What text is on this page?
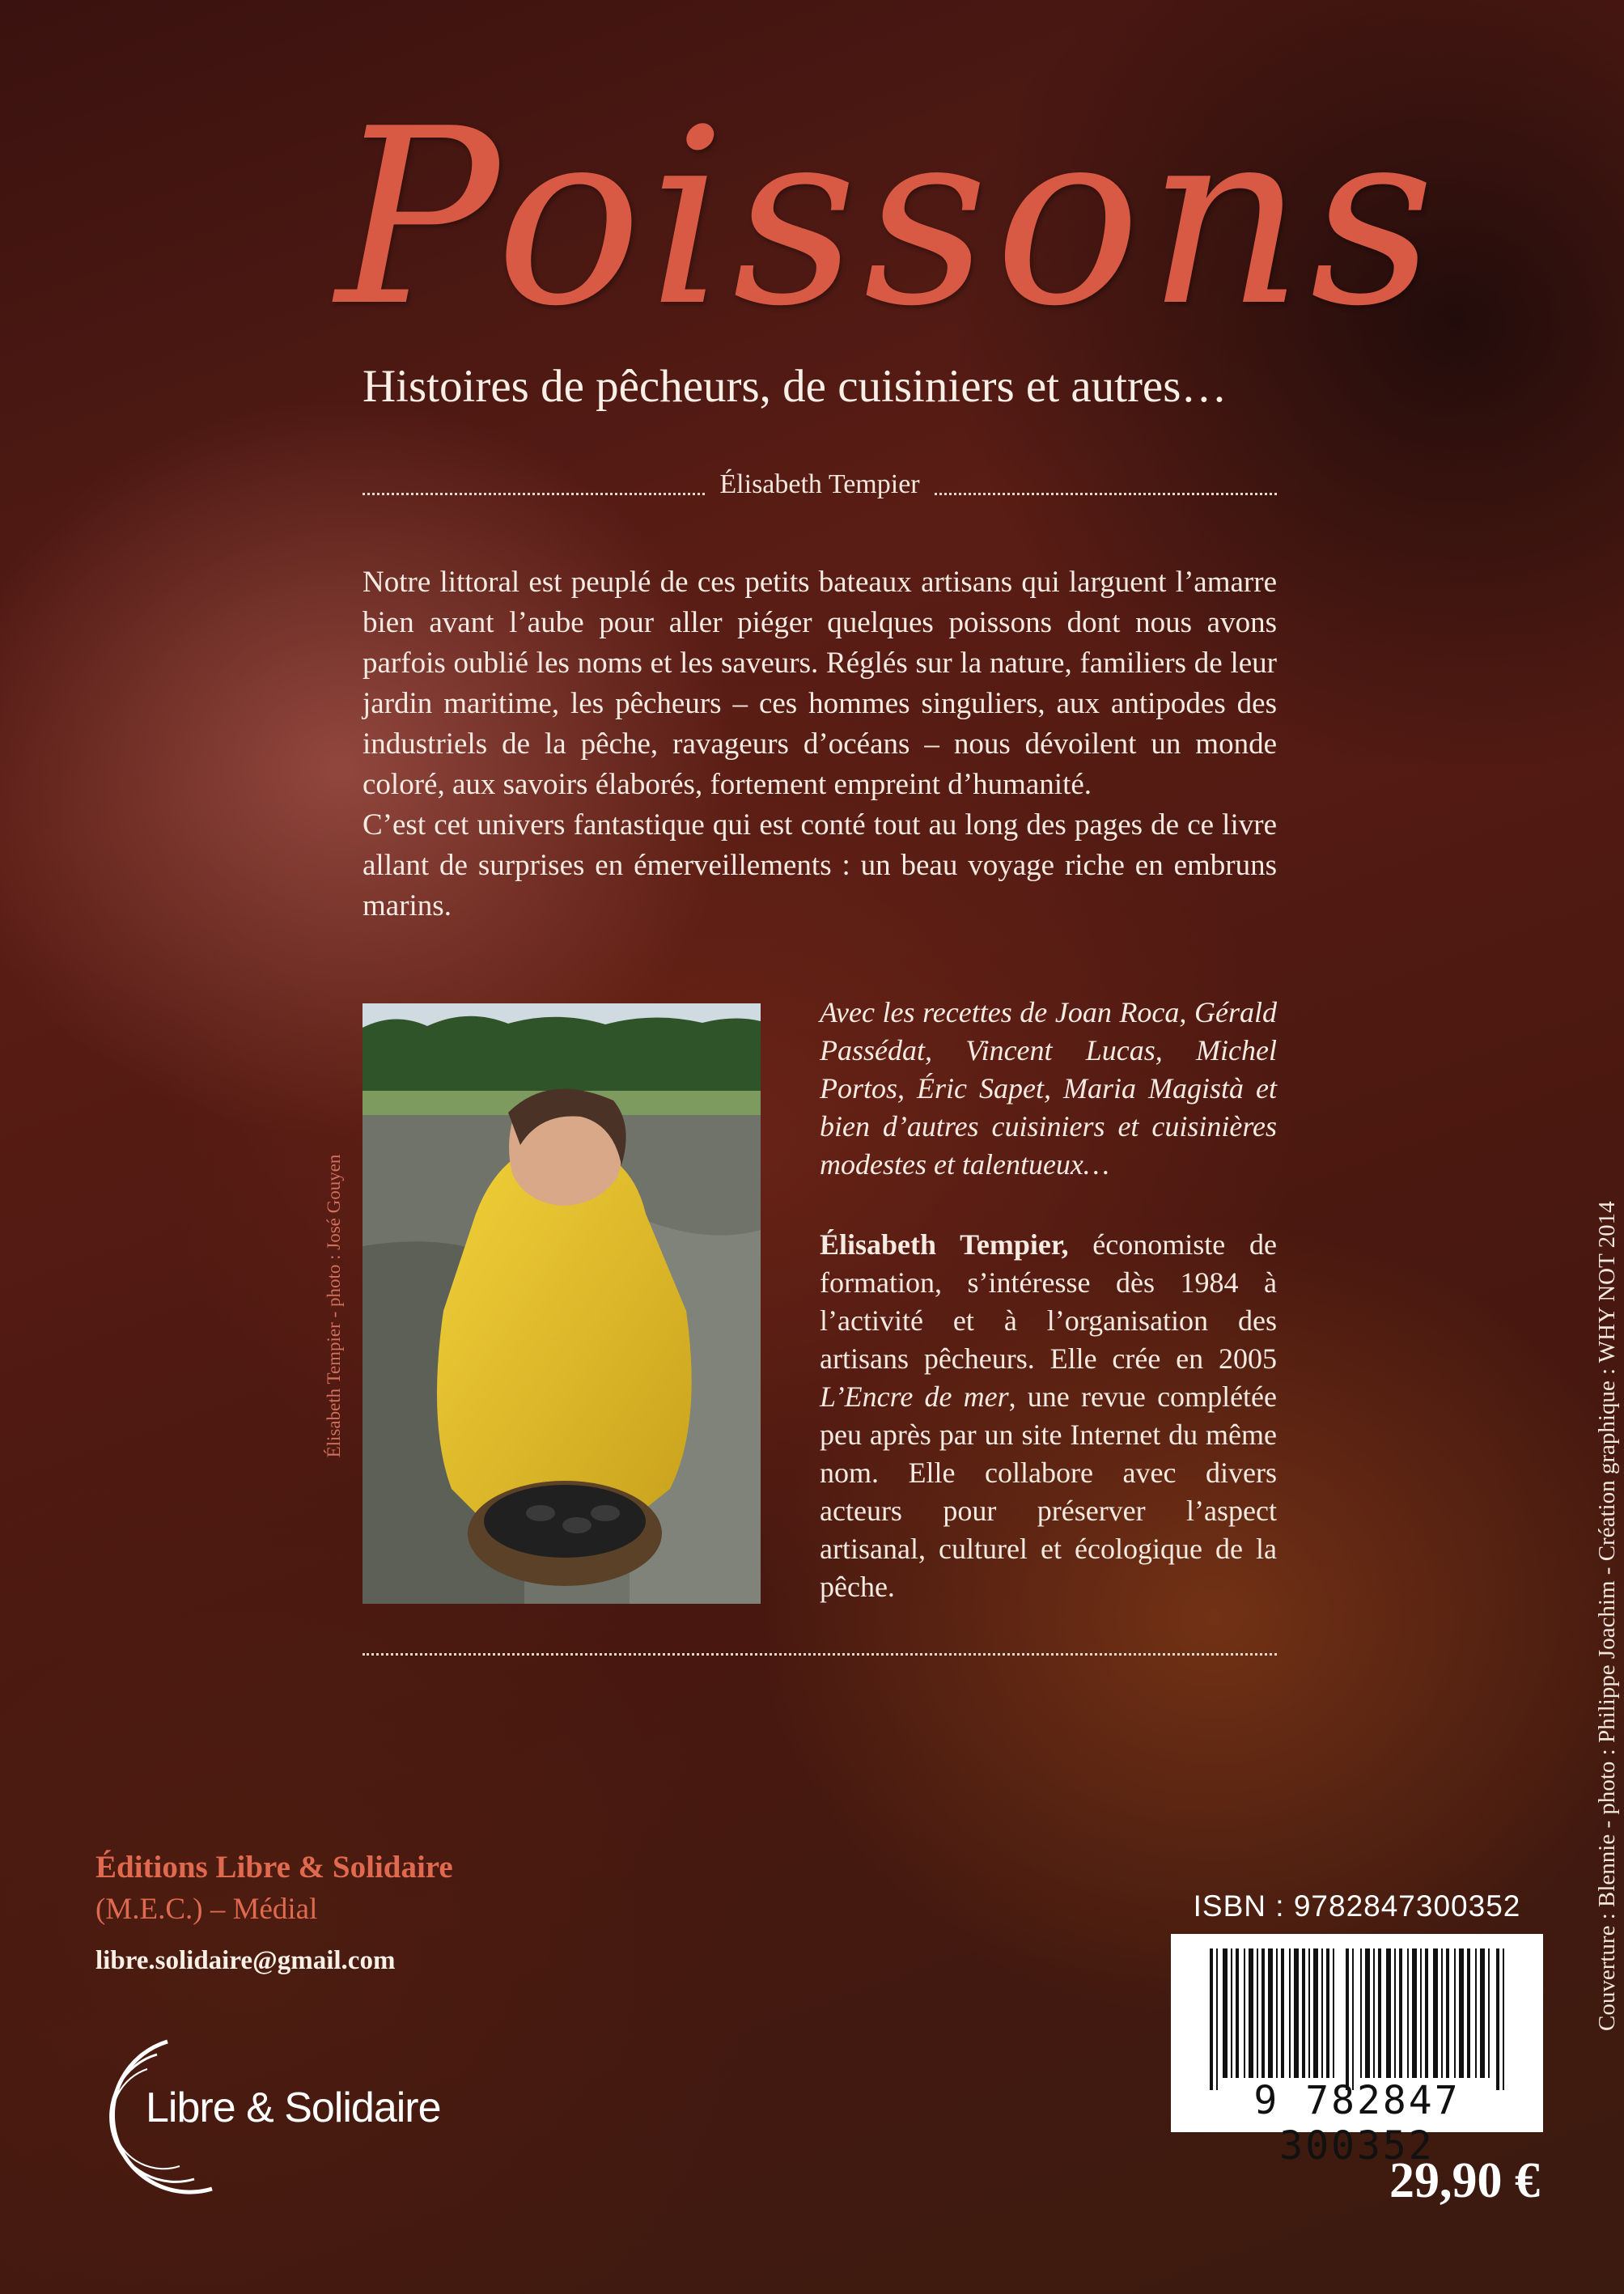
Poissons
Histoires de pêcheurs, de cuisiniers et autres…
Élisabeth Tempier

Notre littoral est peuplé de ces petits bateaux artisans qui larguent l’amarre bien avant l’aube pour aller piéger quelques poissons dont nous avons parfois oublié les noms et les saveurs. Réglés sur la nature, familiers de leur jardin maritime, les pêcheurs – ces hommes singuliers, aux antipodes des industriels de la pêche, ravageurs d’océans – nous dévoilent un monde coloré, aux savoirs élaborés, fortement empreint d’humanité.

C’est cet univers fantastique qui est conté tout au long des pages de ce livre allant de surprises en émerveillements : un beau voyage riche en embruns marins.

Élisabeth Tempier - photo : José Gouyen
Avec les recettes de Joan Roca, Gérald Passédat, Vincent Lucas, Michel Portos, Éric Sapet, Maria Magistà et bien d’autres cuisiniers et cuisinières modestes et talentueux…
Élisabeth Tempier, économiste de formation, s’intéresse dès 1984 à l’activité et à l’organisation des artisans pêcheurs. Elle crée en 2005 L’Encre de mer, une revue complétée peu après par un site Internet du même nom. Elle collabore avec divers acteurs pour préserver l’aspect artisanal, culturel et écologique de la pêche.	Couverture : Blennie - photo : Philippe Joachim - Création graphique : WHY NOT 2014
Éditions Libre & Solidaire
(M.E.C.) – Médial
libre.solidaire@gmail.com
Libre & Solidaire
ISBN : 9782847300352
9 782847 300352
29,90 €
